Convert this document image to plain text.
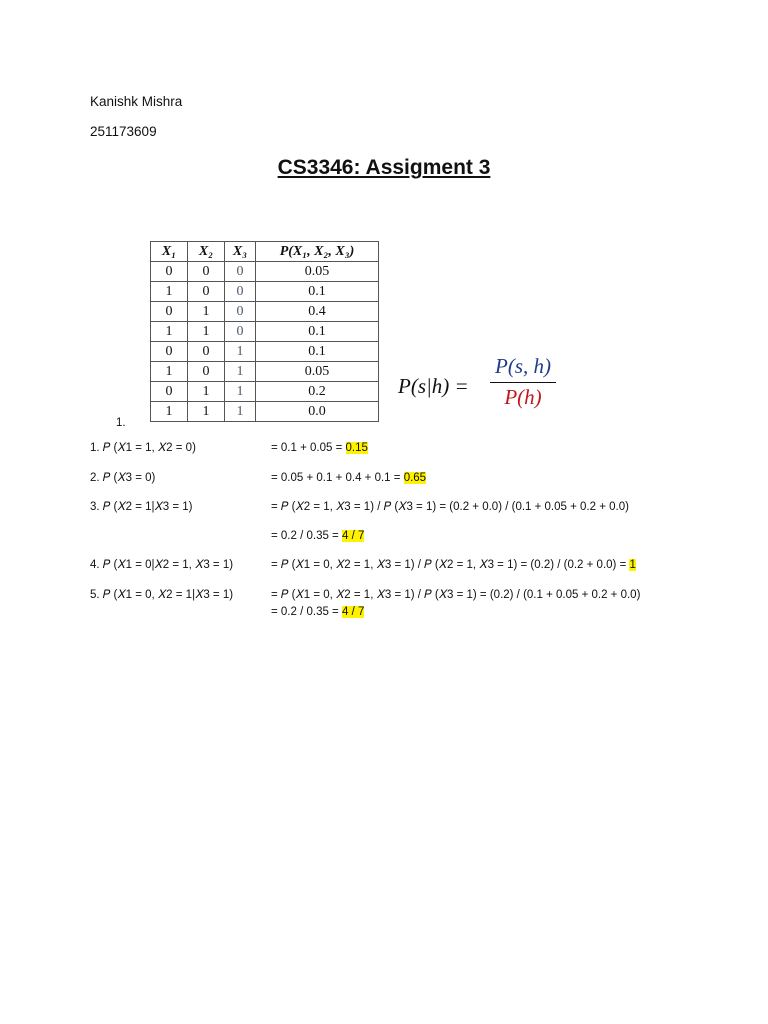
Kanishk Mishra
251173609
CS3346: Assigment 3
X₁	X₂	X₃	P(X₁, X₂, X₃)
0	0	0	0.05
1	0	0	0.1
0	1	0	0.4
1	1	0	0.1
0	0	1	0.1
1	0	1	0.05
0	1	1	0.2
1	1	1	0.0
P(s|h) =
P(s, h)
P(h)
1.
1. 𝑃 (𝑋1 = 1, 𝑋2 = 0)	= 0.1 + 0.05 = 0.15
2. 𝑃 (𝑋3 = 0)	= 0.05 + 0.1 + 0.4 + 0.1 = 0.65
3. 𝑃 (𝑋2 = 1|𝑋3 = 1)	= 𝑃 (𝑋2 = 1, 𝑋3 = 1) / 𝑃 (𝑋3 = 1) = (0.2 + 0.0) / (0.1 + 0.05 + 0.2 + 0.0)
= 0.2 / 0.35 = 4 / 7
4. 𝑃 (𝑋1 = 0|𝑋2 = 1, 𝑋3 = 1)	= 𝑃 (𝑋1 = 0, 𝑋2 = 1, 𝑋3 = 1) / 𝑃 (𝑋2 = 1, 𝑋3 = 1) = (0.2) / (0.2 + 0.0) = 1
5. 𝑃 (𝑋1 = 0, 𝑋2 = 1|𝑋3 = 1)	= 𝑃 (𝑋1 = 0, 𝑋2 = 1, 𝑋3 = 1) / 𝑃 (𝑋3 = 1) = (0.2) / (0.1 + 0.05 + 0.2 + 0.0)
= 0.2 / 0.35 = 4 / 7
